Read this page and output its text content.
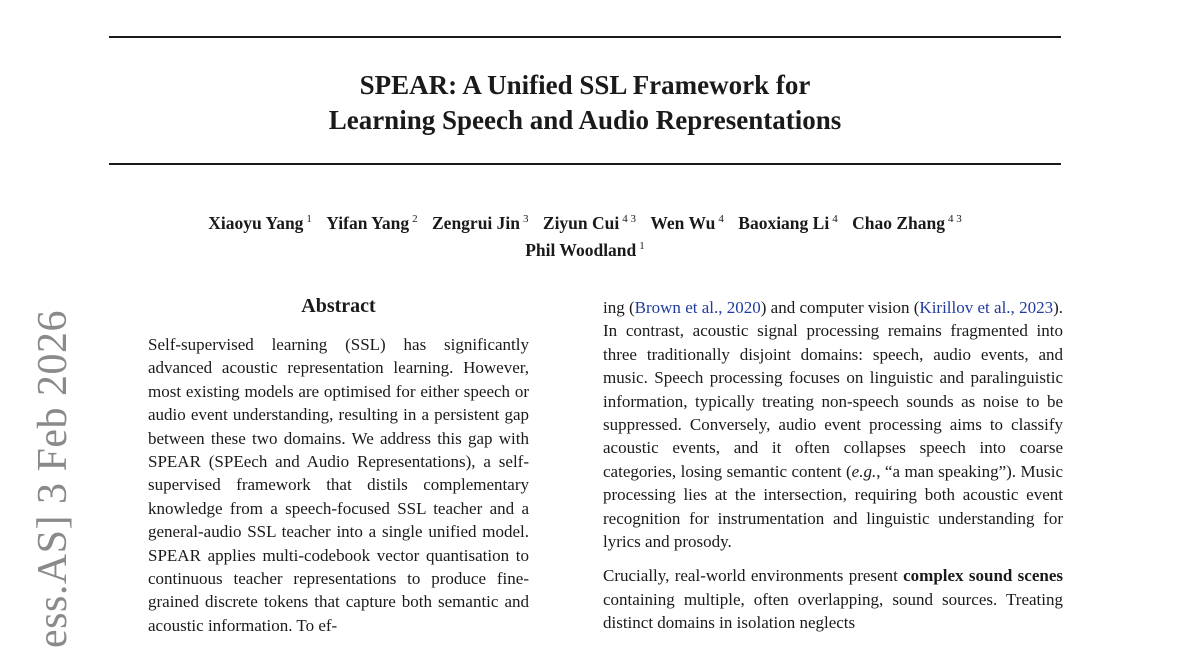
SPEAR: A Unified SSL Framework for
Learning Speech and Audio Representations
Xiaoyu Yang $^1$ Yifan Yang $^2$ Zengrui Jin $^3$ Ziyun Cui $^{4 3}$ Wen Wu $^4$ Baoxiang Li $^4$ Chao Zhang $^{4 3}$
Phil Woodland $^1$
ess.AS] 3 Feb 2026
Abstract
Self-supervised learning (SSL) has significantly advanced acoustic representation learning. However, most existing models are optimised for either speech or audio event understanding, resulting in a persistent gap between these two domains. We address this gap with SPEAR (SPEech and Audio Representations), a self-supervised framework that distils complementary knowledge from a speech-focused SSL teacher and a general-audio SSL teacher into a single unified model. SPEAR applies multi-codebook vector quantisation to continuous teacher representations to produce fine-grained discrete tokens that capture both semantic and acoustic information. To ef-

ing (Brown et al., 2020) and computer vision (Kirillov et al., 2023). In contrast, acoustic signal processing remains fragmented into three traditionally disjoint domains: speech, audio events, and music. Speech processing focuses on linguistic and paralinguistic information, typically treating non-speech sounds as noise to be suppressed. Conversely, audio event processing aims to classify acoustic events, and it often collapses speech into coarse categories, losing semantic content (e.g., “a man speaking”). Music processing lies at the intersection, requiring both acoustic event recognition for instrumentation and linguistic understanding for lyrics and prosody.

Crucially, real-world environments present complex sound scenes containing multiple, often overlapping, sound sources. Treating distinct domains in isolation neglects
